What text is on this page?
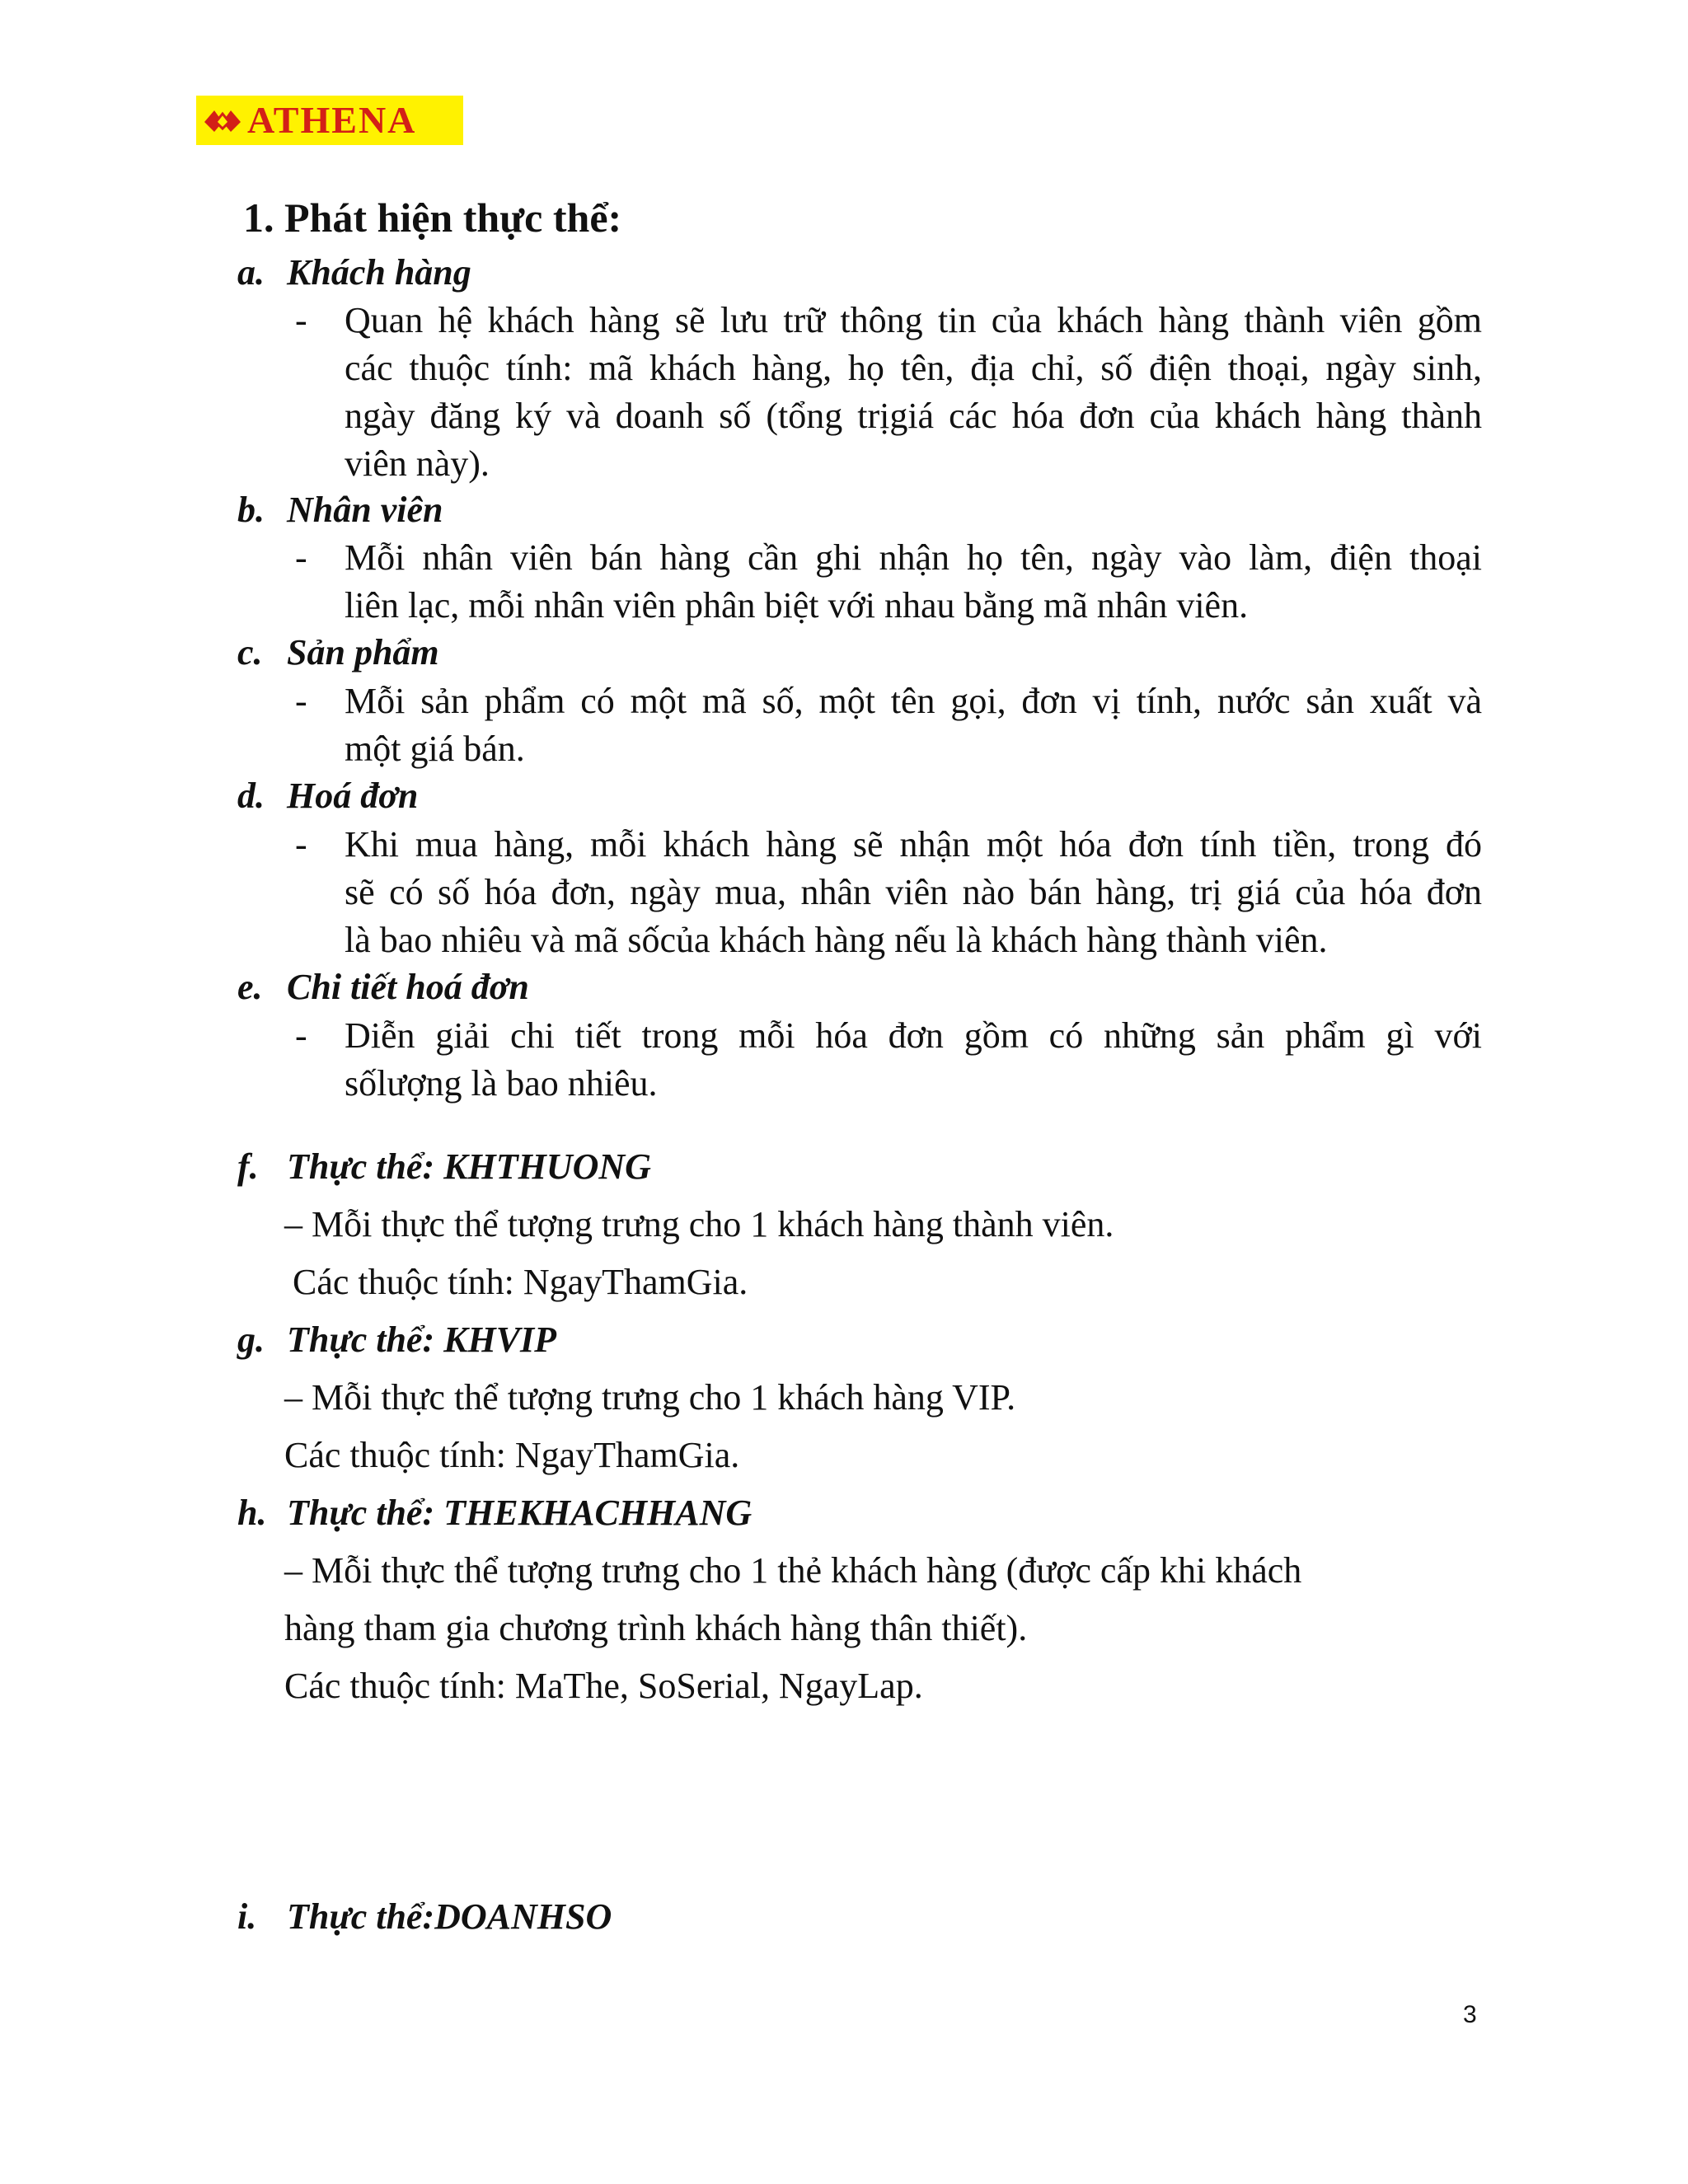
ATHENA
1. Phát hiện thực thể:
a. Khách hàng
- Quan hệ khách hàng sẽ lưu trữ thông tin của khách hàng thành viên gồm
các thuộc tính: mã khách hàng, họ tên, địa chỉ, số điện thoại, ngày sinh,
ngày đăng ký và doanh số (tổng trịgiá các hóa đơn của khách hàng thành
viên này).
b. Nhân viên
- Mỗi nhân viên bán hàng cần ghi nhận họ tên, ngày vào làm, điện thoại
liên lạc, mỗi nhân viên phân biệt với nhau bằng mã nhân viên.
c. Sản phẩm
- Mỗi sản phẩm có một mã số, một tên gọi, đơn vị tính, nước sản xuất và
một giá bán.
d. Hoá đơn
- Khi mua hàng, mỗi khách hàng sẽ nhận một hóa đơn tính tiền, trong đó
sẽ có số hóa đơn, ngày mua, nhân viên nào bán hàng, trị giá của hóa đơn
là bao nhiêu và mã sốcủa khách hàng nếu là khách hàng thành viên.
e. Chi tiết hoá đơn
- Diễn giải chi tiết trong mỗi hóa đơn gồm có những sản phẩm gì với
sốlượng là bao nhiêu.
f. Thực thể: KHTHUONG
– Mỗi thực thể tượng trưng cho 1 khách hàng thành viên.
Các thuộc tính: NgayThamGia.
g. Thực thể: KHVIP
– Mỗi thực thể tượng trưng cho 1 khách hàng VIP.
Các thuộc tính: NgayThamGia.
h. Thực thể: THEKHACHHANG
– Mỗi thực thể tượng trưng cho 1 thẻ khách hàng (được cấp khi khách
hàng tham gia chương trình khách hàng thân thiết).
Các thuộc tính: MaThe, SoSerial, NgayLap.
i. Thực thể:DOANHSO
3
